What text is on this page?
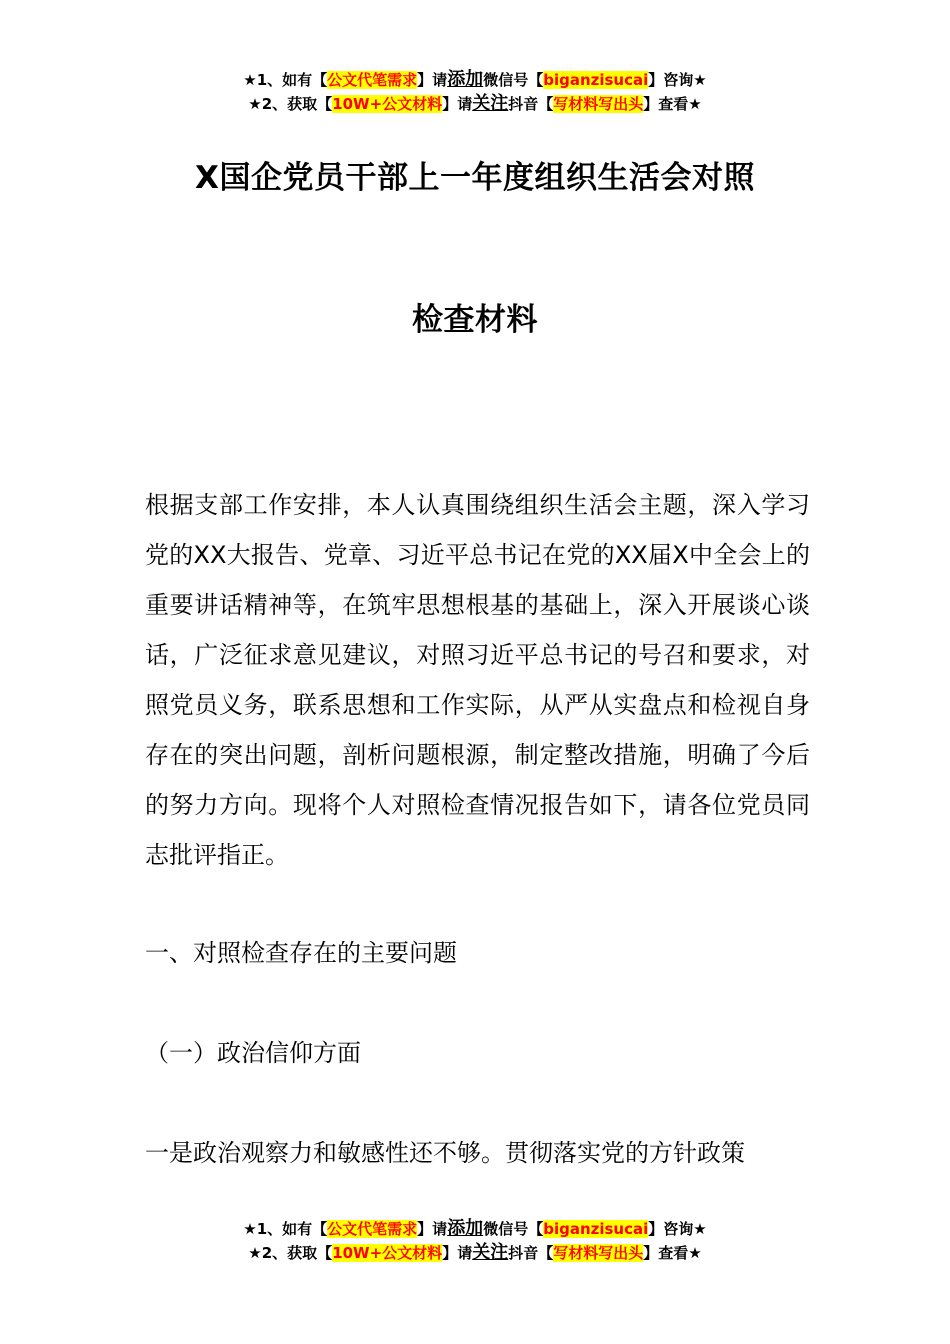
★1、如有【公文代笔需求】请添加微信号【biganzisucai】咨询★
★2、获取【10W+公文材料】请关注抖音【写材料写出头】查看★
X国企党员干部上一年度组织生活会对照
检查材料
根据支部工作安排，本人认真围绕组织生活会主题，深入学习党的XX大报告、党章、习近平总书记在党的XX届X中全会上的重要讲话精神等，在筑牢思想根基的基础上，深入开展谈心谈话，广泛征求意见建议，对照习近平总书记的号召和要求，对照党员义务，联系思想和工作实际，从严从实盘点和检视自身存在的突出问题，剖析问题根源，制定整改措施，明确了今后的努力方向。现将个人对照检查情况报告如下，请各位党员同志批评指正。
一、对照检查存在的主要问题
（一）政治信仰方面
一是政治观察力和敏感性还不够。贯彻落实党的方针政策
★1、如有【公文代笔需求】请添加微信号【biganzisucai】咨询★
★2、获取【10W+公文材料】请关注抖音【写材料写出头】查看★
